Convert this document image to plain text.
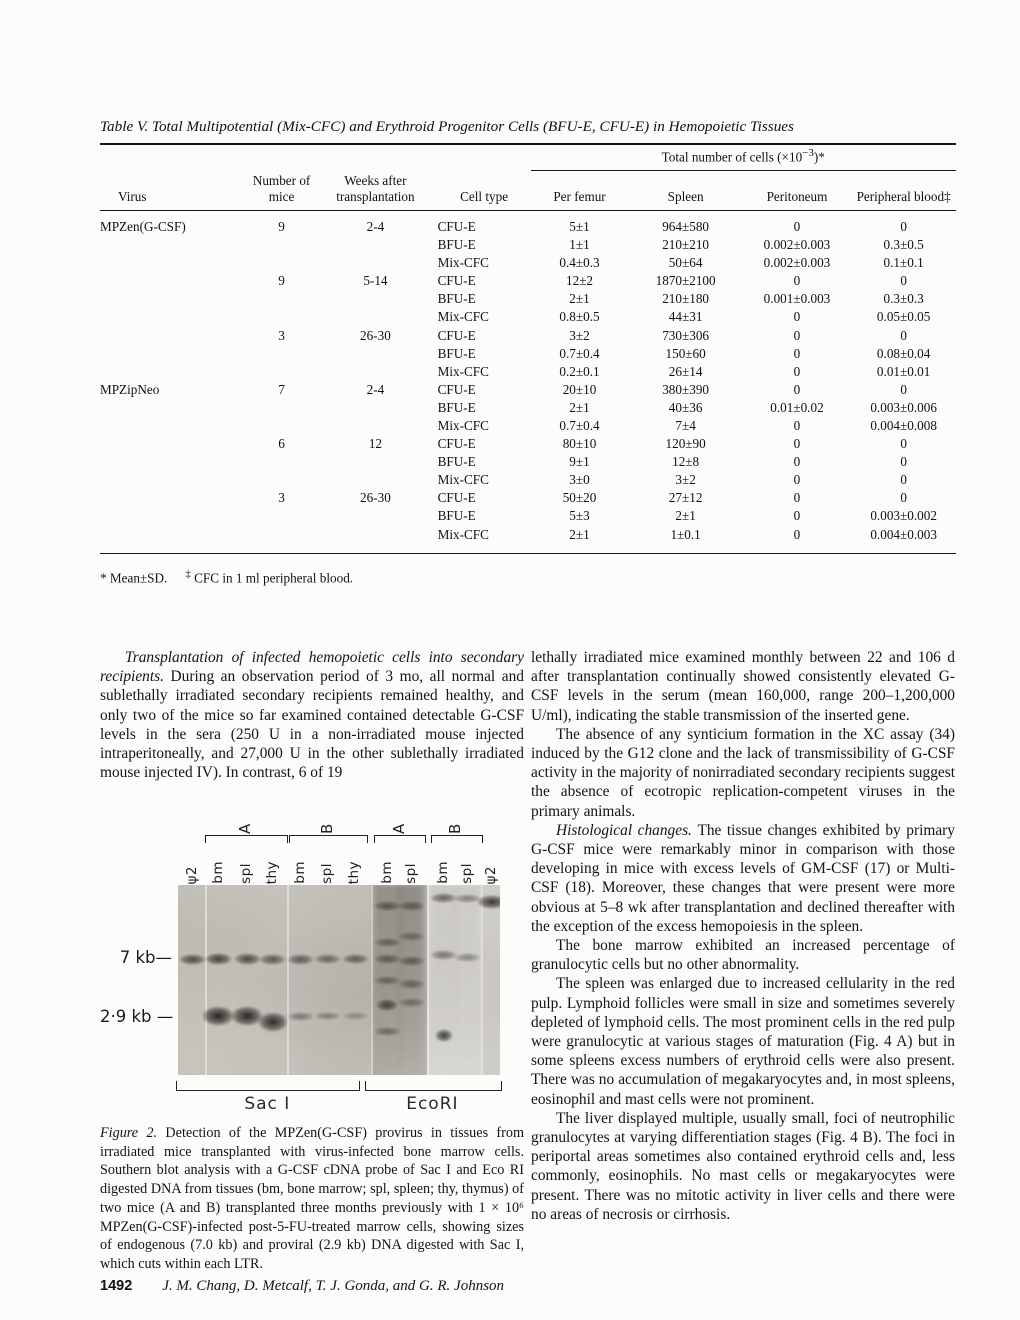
Table V. Total Multipotential (Mix-CFC) and Erythroid Progenitor Cells (BFU-E, CFU-E) in Hemopoietic Tissues
				Total number of cells $(\times 10^{-3})*$			
Virus	Number of mice	Weeks after transplantation	Cell type	Per femur	Spleen	Peritoneum	Peripheral blood‡
MPZen(G-CSF)	9	2-4	CFU-E	5±1	964±580	0	0
			BFU-E	1±1	210±210	0.002±0.003	0.3±0.5
			Mix-CFC	0.4±0.3	50±64	0.002±0.003	0.1±0.1
	9	5-14	CFU-E	12±2	1870±2100	0	0
			BFU-E	2±1	210±180	0.001±0.003	0.3±0.3
			Mix-CFC	0.8±0.5	44±31	0	0.05±0.05
	3	26-30	CFU-E	3±2	730±306	0	0
			BFU-E	0.7±0.4	150±60	0	0.08±0.04
			Mix-CFC	0.2±0.1	26±14	0	0.01±0.01
MPZipNeo	7	2-4	CFU-E	20±10	380±390	0	0
			BFU-E	2±1	40±36	0.01±0.02	0.003±0.006
			Mix-CFC	0.7±0.4	7±4	0	0.004±0.008
	6	12	CFU-E	80±10	120±90	0	0
			BFU-E	9±1	12±8	0	0
			Mix-CFC	3±0	3±2	0	0
	3	26-30	CFU-E	50±20	27±12	0	0
			BFU-E	5±3	2±1	0	0.003±0.002
			Mix-CFC	2±1	1±0.1	0	0.004±0.003
* Mean±SD. ‡ CFC in 1 ml peripheral blood.

Transplantation of infected hemopoietic cells into secondary recipients. During an observation period of 3 mo, all normal and sublethally irradiated secondary recipients remained healthy, and only two of the mice so far examined contained detectable G-CSF levels in the sera (250 U in a non-irradiated mouse injected intraperitoneally, and 27,000 U in the other sublethally irradiated mouse injected IV). In contrast, 6 of 19

lethally irradiated mice examined monthly between 22 and 106 d after transplantation continually showed consistently elevated G-CSF levels in the serum (mean 160,000, range 200–1,200,000 U/ml), indicating the stable transmission of the inserted gene.

The absence of any synticium formation in the XC assay (34) induced by the G12 clone and the lack of transmissibility of G-CSF activity in the majority of nonirradiated secondary recipients suggest the absence of ecotropic replication-competent viruses in the primary animals.

Histological changes. The tissue changes exhibited by primary G-CSF mice were remarkably minor in comparison with those developing in mice with excess levels of GM-CSF (17) or Multi-CSF (18). Moreover, these changes that were present were more obvious at 5–8 wk after transplantation and declined thereafter with the exception of the excess hemopoiesis in the spleen.

The bone marrow exhibited an increased percentage of granulocytic cells but no other abnormality.

The spleen was enlarged due to increased cellularity in the red pulp. Lymphoid follicles were small in size and sometimes severely depleted of lymphoid cells. The most prominent cells in the red pulp were granulocytic at various stages of maturation (Fig. 4 A) but in some spleens excess numbers of erythroid cells were also present. There was no accumulation of megakaryocytes and, in most spleens, eosinophil and mast cells were not prominent.

The liver displayed multiple, usually small, foci of neutrophilic granulocytes at varying differentiation stages (Fig. 4 B). The foci in periportal areas sometimes also contained erythroid cells and, less commonly, eosinophils. No mast cells or megakaryocytes were present. There was no mitotic activity in liver cells and there were no areas of necrosis or cirrhosis.

ψ2 bm spl thy bm spl thy bm spl bm spl ψ2
A	B	A	B
Sac I	EcoRI
7 kb—
2·9 kb —
Figure 2. Detection of the MPZen(G-CSF) provirus in tissues from irradiated mice transplanted with virus-infected bone marrow cells. Southern blot analysis with a G-CSF cDNA probe of Sac I and Eco RI digested DNA from tissues (bm, bone marrow; spl, spleen; thy, thymus) of two mice (A and B) transplanted three months previously with 1 × 10⁶ MPZen(G-CSF)-infected post-5-FU-treated marrow cells, showing sizes of endogenous (7.0 kb) and proviral (2.9 kb) DNA digested with Sac I, which cuts within each LTR.
1492 J. M. Chang, D. Metcalf, T. J. Gonda, and G. R. Johnson
